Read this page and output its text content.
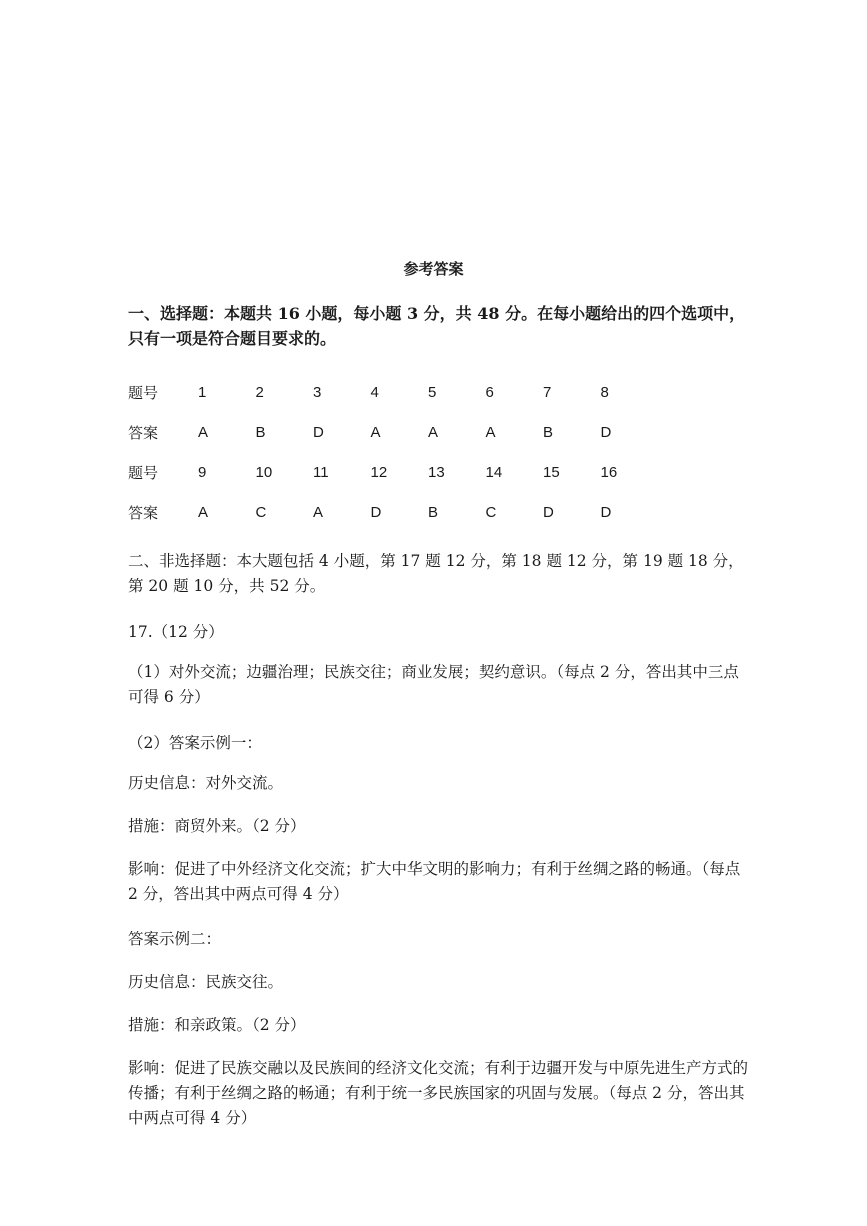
参考答案
一、选择题：本题共 16 小题，每小题 3 分，共 48 分。在每小题给出的四个选项中，只有一项是符合题目要求的。
题号	1	2	3	4	5	6	7	8
答案	A	B	D	A	A	A	B	D
题号	9	10	11	12	13	14	15	16
答案	A	C	A	D	B	C	D	D
二、非选择题：本大题包括 4 小题，第 17 题 12 分，第 18 题 12 分，第 19 题 18 分，第 20 题 10 分，共 52 分。
17.（12 分）
（1）对外交流；边疆治理；民族交往；商业发展；契约意识。（每点 2 分，答出其中三点可得 6 分）
（2）答案示例一：
历史信息：对外交流。
措施：商贸外来。（2 分）
影响：促进了中外经济文化交流；扩大中华文明的影响力；有利于丝绸之路的畅通。（每点 2 分，答出其中两点可得 4 分）
答案示例二：
历史信息：民族交往。
措施：和亲政策。（2 分）
影响：促进了民族交融以及民族间的经济文化交流；有利于边疆开发与中原先进生产方式的传播；有利于丝绸之路的畅通；有利于统一多民族国家的巩固与发展。（每点 2 分，答出其中两点可得 4 分）
